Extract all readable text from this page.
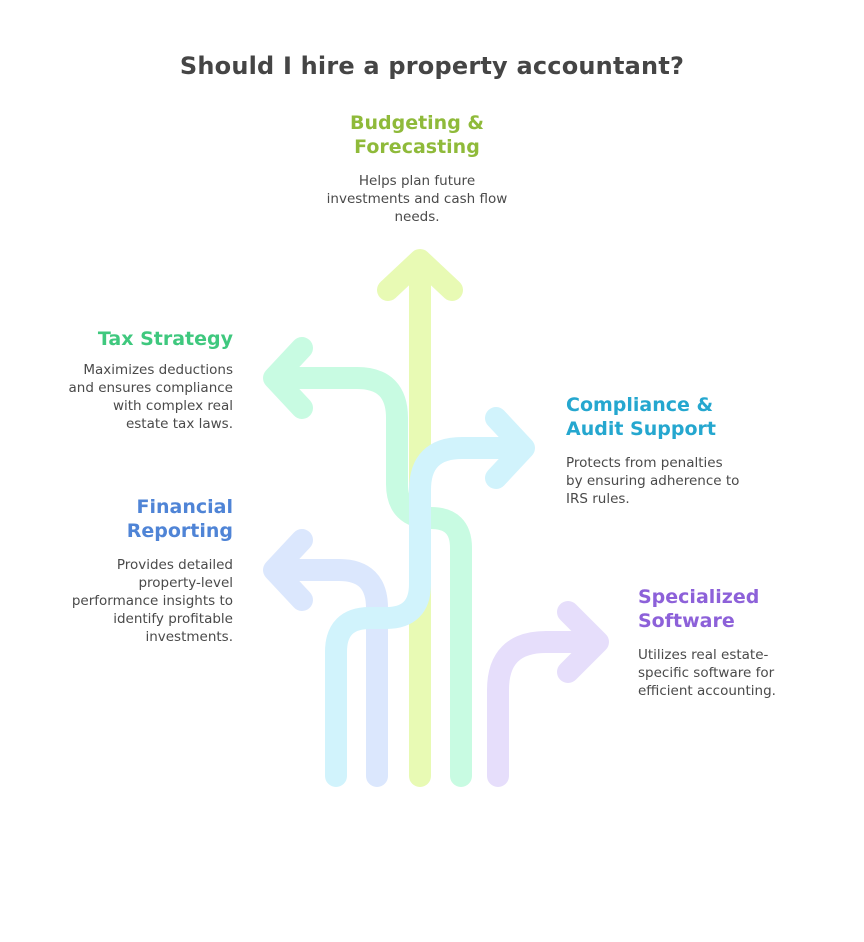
Should I hire a property accountant?
Budgeting &
Forecasting
Helps plan future
investments and cash flow
needs.
Tax Strategy
Maximizes deductions
and ensures compliance
with complex real
estate tax laws.
Compliance &
Audit Support
Protects from penalties
by ensuring adherence to
IRS rules.
Financial
Reporting
Provides detailed
property-level
performance insights to
identify profitable
investments.
Specialized
Software
Utilizes real estate-
specific software for
efficient accounting.
